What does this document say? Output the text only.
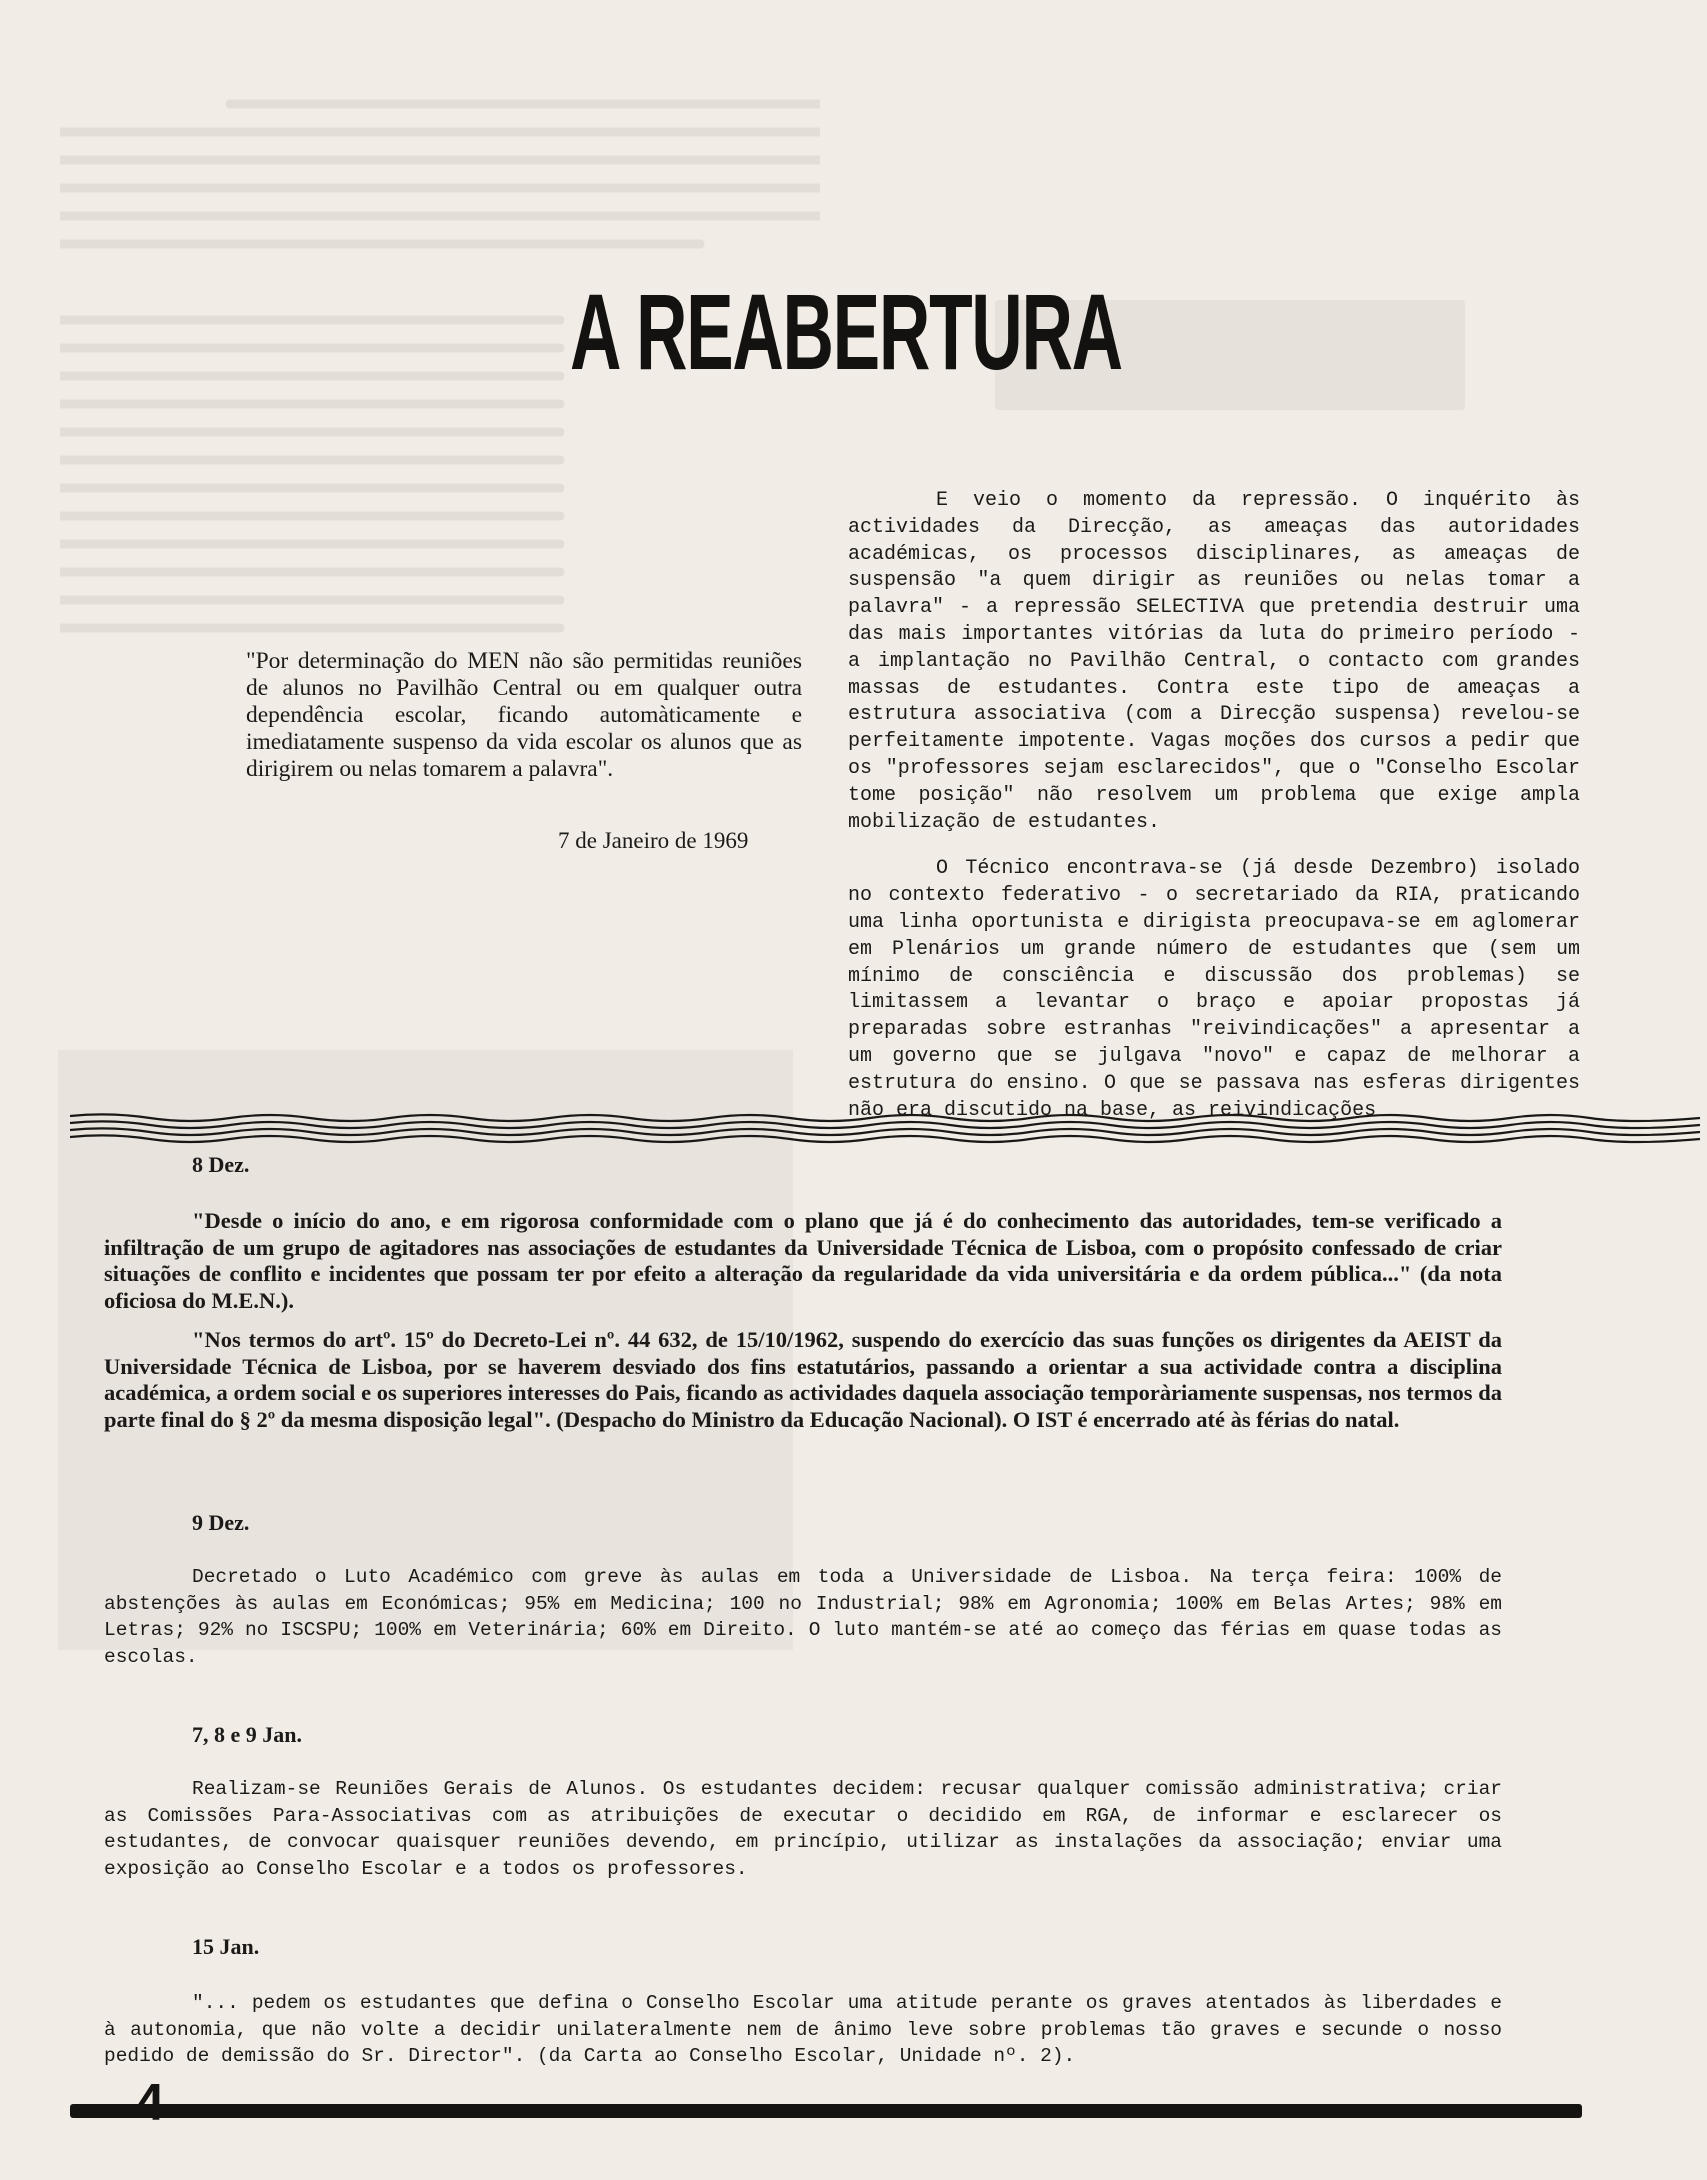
A REABERTURA
"Por determinação do MEN não são permitidas reuniões de alunos no Pavilhão Central ou em qualquer outra dependência escolar, ficando automàticamente e imediatamente suspenso da vida escolar os alunos que as dirigirem ou nelas tomarem a palavra".
7 de Janeiro de 1969

E veio o momento da repressão. O inquérito às actividades da Direcção, as ameaças das autoridades académicas, os processos disciplinares, as ameaças de suspensão "a quem dirigir as reuniões ou nelas tomar a palavra" - a repressão SELECTIVA que pretendia destruir uma das mais importantes vitórias da luta do primeiro período - a implantação no Pavilhão Central, o contacto com grandes massas de estudantes. Contra este tipo de ameaças a estrutura associativa (com a Direcção suspensa) revelou-se perfeitamente impotente. Vagas moções dos cursos a pedir que os "professores sejam esclarecidos", que o "Conselho Escolar tome posição" não resolvem um problema que exige ampla mobilização de estudantes.

O Técnico encontrava-se (já desde Dezembro) isolado no contexto federativo - o secretariado da RIA, praticando uma linha oportunista e dirigista preocupava-se em aglomerar em Plenários um grande número de estudantes que (sem um mínimo de consciência e discussão dos problemas) se limitassem a levantar o braço e apoiar propostas já preparadas sobre estranhas "reivindicações" a apresentar a um governo que se julgava "novo" e capaz de melhorar a estrutura do ensino. O que se passava nas esferas dirigentes não era discutido na base, as reivindicações

8 Dez.
"Desde o início do ano, e em rigorosa conformidade com o plano que já é do conhecimento das autoridades, tem-se verificado a infiltração de um grupo de agitadores nas associações de estudantes da Universidade Técnica de Lisboa, com o propósito confessado de criar situações de conflito e incidentes que possam ter por efeito a alteração da regularidade da vida universitária e da ordem pública..." (da nota oficiosa do M.E.N.).
"Nos termos do artº. 15º do Decreto-Lei nº. 44 632, de 15/10/1962, suspendo do exercício das suas funções os dirigentes da AEIST da Universidade Técnica de Lisboa, por se haverem desviado dos fins estatutários, passando a orientar a sua actividade contra a disciplina académica, a ordem social e os superiores interesses do Pais, ficando as actividades daquela associação temporàriamente suspensas, nos termos da parte final do § 2º da mesma disposição legal". (Despacho do Ministro da Educação Nacional). O IST é encerrado até às férias do natal.
9 Dez.
Decretado o Luto Académico com greve às aulas em toda a Universidade de Lisboa. Na terça feira: 100% de abstenções às aulas em Económicas; 95% em Medicina; 100 no Industrial; 98% em Agronomia; 100% em Belas Artes; 98% em Letras; 92% no ISCSPU; 100% em Veterinária; 60% em Direito. O luto mantém-se até ao começo das férias em quase todas as escolas.
7, 8 e 9 Jan.
Realizam-se Reuniões Gerais de Alunos. Os estudantes decidem: recusar qualquer comissão administrativa; criar as Comissões Para-Associativas com as atribuições de executar o decidido em RGA, de informar e esclarecer os estudantes, de convocar quaisquer reuniões devendo, em princípio, utilizar as instalações da associação; enviar uma exposição ao Conselho Escolar e a todos os professores.
15 Jan.
"... pedem os estudantes que defina o Conselho Escolar uma atitude perante os graves atentados às liberdades e à autonomia, que não volte a decidir unilateralmente nem de ânimo leve sobre problemas tão graves e secunde o nosso pedido de demissão do Sr. Director". (da Carta ao Conselho Escolar, Unidade nº. 2).
4
